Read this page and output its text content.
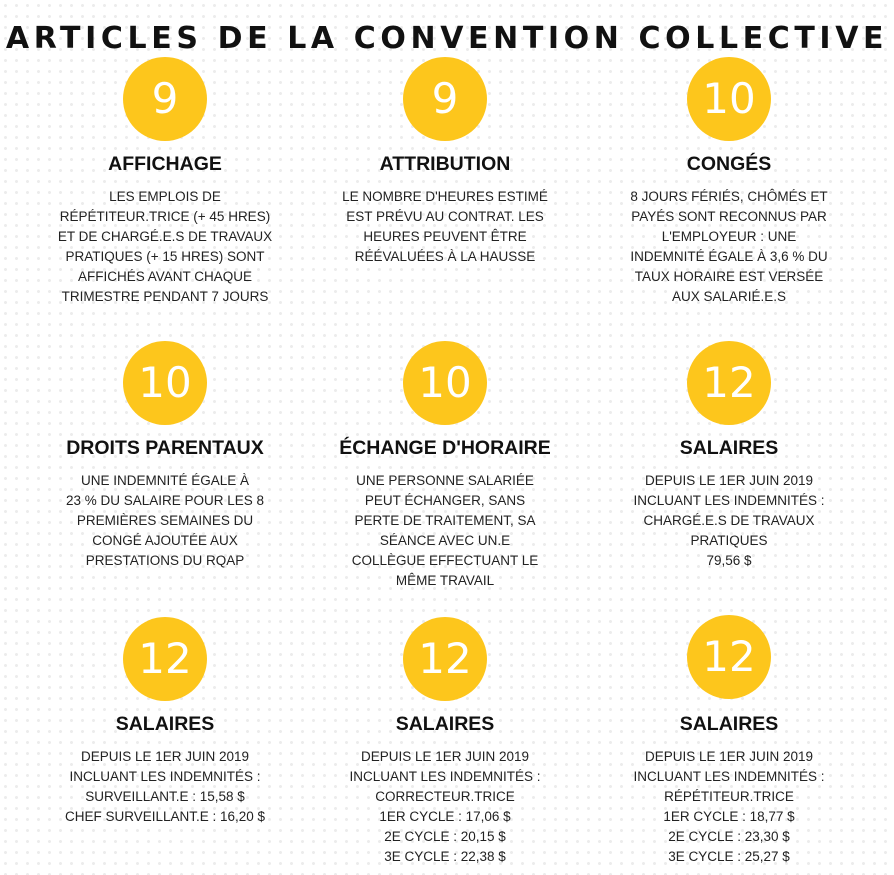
ARTICLES DE LA CONVENTION COLLECTIVE
9
AFFICHAGE
LES EMPLOIS DE
RÉPÉTITEUR.TRICE (+ 45 HRES)
ET DE CHARGÉ.E.S DE TRAVAUX
PRATIQUES (+ 15 HRES) SONT
AFFICHÉS AVANT CHAQUE
TRIMESTRE PENDANT 7 JOURS
9
ATTRIBUTION
LE NOMBRE D'HEURES ESTIMÉ
EST PRÉVU AU CONTRAT. LES
HEURES PEUVENT ÊTRE
RÉÉVALUÉES À LA HAUSSE
10
CONGÉS
8 JOURS FÉRIÉS, CHÔMÉS ET
PAYÉS SONT RECONNUS PAR
L'EMPLOYEUR : UNE
INDEMNITÉ ÉGALE À 3,6 % DU
TAUX HORAIRE EST VERSÉE
AUX SALARIÉ.E.S
10
DROITS PARENTAUX
UNE INDEMNITÉ ÉGALE À
23 % DU SALAIRE POUR LES 8
PREMIÈRES SEMAINES DU
CONGÉ AJOUTÉE AUX
PRESTATIONS DU RQAP
10
ÉCHANGE D'HORAIRE
UNE PERSONNE SALARIÉE
PEUT ÉCHANGER, SANS
PERTE DE TRAITEMENT, SA
SÉANCE AVEC UN.E
COLLÈGUE EFFECTUANT LE
MÊME TRAVAIL
12
SALAIRES
DEPUIS LE 1ER JUIN 2019
INCLUANT LES INDEMNITÉS :
CHARGÉ.E.S DE TRAVAUX
PRATIQUES
79,56 $
12
SALAIRES
DEPUIS LE 1ER JUIN 2019
INCLUANT LES INDEMNITÉS :
SURVEILLANT.E : 15,58 $
CHEF SURVEILLANT.E : 16,20 $
12
SALAIRES
DEPUIS LE 1ER JUIN 2019
INCLUANT LES INDEMNITÉS :
CORRECTEUR.TRICE
1ER CYCLE : 17,06 $
2E CYCLE : 20,15 $
3E CYCLE : 22,38 $
12
SALAIRES
DEPUIS LE 1ER JUIN 2019
INCLUANT LES INDEMNITÉS :
RÉPÉTITEUR.TRICE
1ER CYCLE : 18,77 $
2E CYCLE : 23,30 $
3E CYCLE : 25,27 $
